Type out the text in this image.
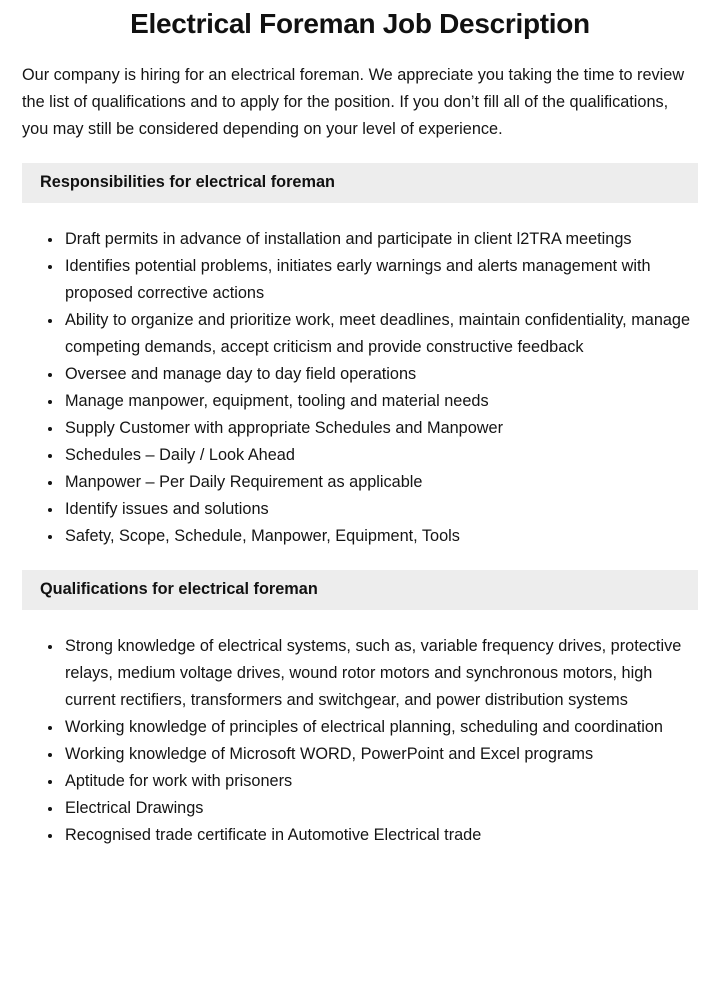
Electrical Foreman Job Description

Our company is hiring for an electrical foreman. We appreciate you taking the time to review the list of qualifications and to apply for the position. If you don’t fill all of the qualifications, you may still be considered depending on your level of experience.

Responsibilities for electrical foreman
• Draft permits in advance of installation and participate in client l2TRA meetings
• Identifies potential problems, initiates early warnings and alerts management with proposed corrective actions
• Ability to organize and prioritize work, meet deadlines, maintain confidentiality, manage competing demands, accept criticism and provide constructive feedback
• Oversee and manage day to day field operations
• Manage manpower, equipment, tooling and material needs
• Supply Customer with appropriate Schedules and Manpower
• Schedules – Daily / Look Ahead
• Manpower – Per Daily Requirement as applicable
• Identify issues and solutions
• Safety, Scope, Schedule, Manpower, Equipment, Tools
Qualifications for electrical foreman
• Strong knowledge of electrical systems, such as, variable frequency drives, protective relays, medium voltage drives, wound rotor motors and synchronous motors, high current rectifiers, transformers and switchgear, and power distribution systems
• Working knowledge of principles of electrical planning, scheduling and coordination
• Working knowledge of Microsoft WORD, PowerPoint and Excel programs
• Aptitude for work with prisoners
• Electrical Drawings
• Recognised trade certificate in Automotive Electrical trade
